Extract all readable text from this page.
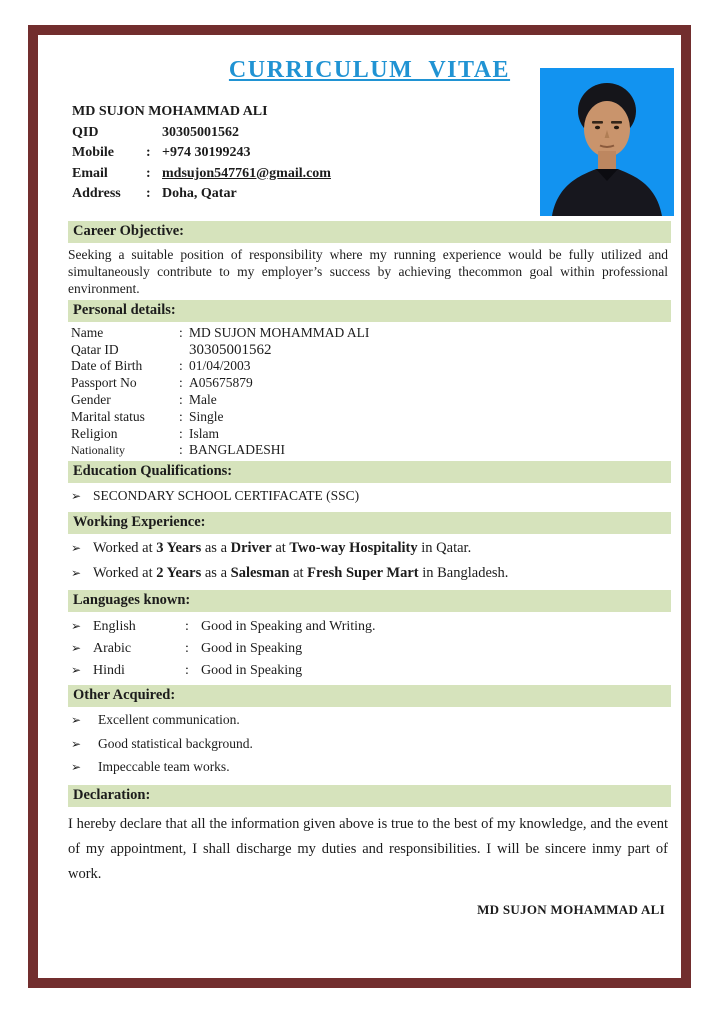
CURRICULUM VITAE
MD SUJON MOHAMMAD ALI
QID	30305001562
Mobile	: +974 30199243
Email	: mdsujon547761@gmail.com
Address	: Doha, Qatar
Career Objective:

Seeking a suitable position of responsibility where my running experience would be fully utilized and simultaneously contribute to my employer’s success by achieving thecommon goal within professional environment.

Personal details:
Name	: MD SUJON MOHAMMAD ALI
Qatar ID	30305001562
Date of Birth	: 01/04/2003
Passport No	: A05675879
Gender	: Male
Marital status	: Single
Religion	: Islam
Nationality	: BANGLADESHI
Education Qualifications:
➢ SECONDARY SCHOOL CERTIFACATE (SSC)
Working Experience:
➢ Worked at 3 Years as a Driver at Two-way Hospitality in Qatar.
➢ Worked at 2 Years as a Salesman at Fresh Super Mart in Bangladesh.
Languages known:
➢ English	: Good in Speaking and Writing.
➢ Arabic	: Good in Speaking
➢ Hindi	: Good in Speaking
Other Acquired:
➢	Excellent communication.
➢	Good statistical background.
➢	Impeccable team works.
Declaration:

I hereby declare that all the information given above is true to the best of my knowledge, and the event of my appointment, I shall discharge my duties and responsibilities. I will be sincere inmy part of work.

MD SUJON MOHAMMAD ALI
